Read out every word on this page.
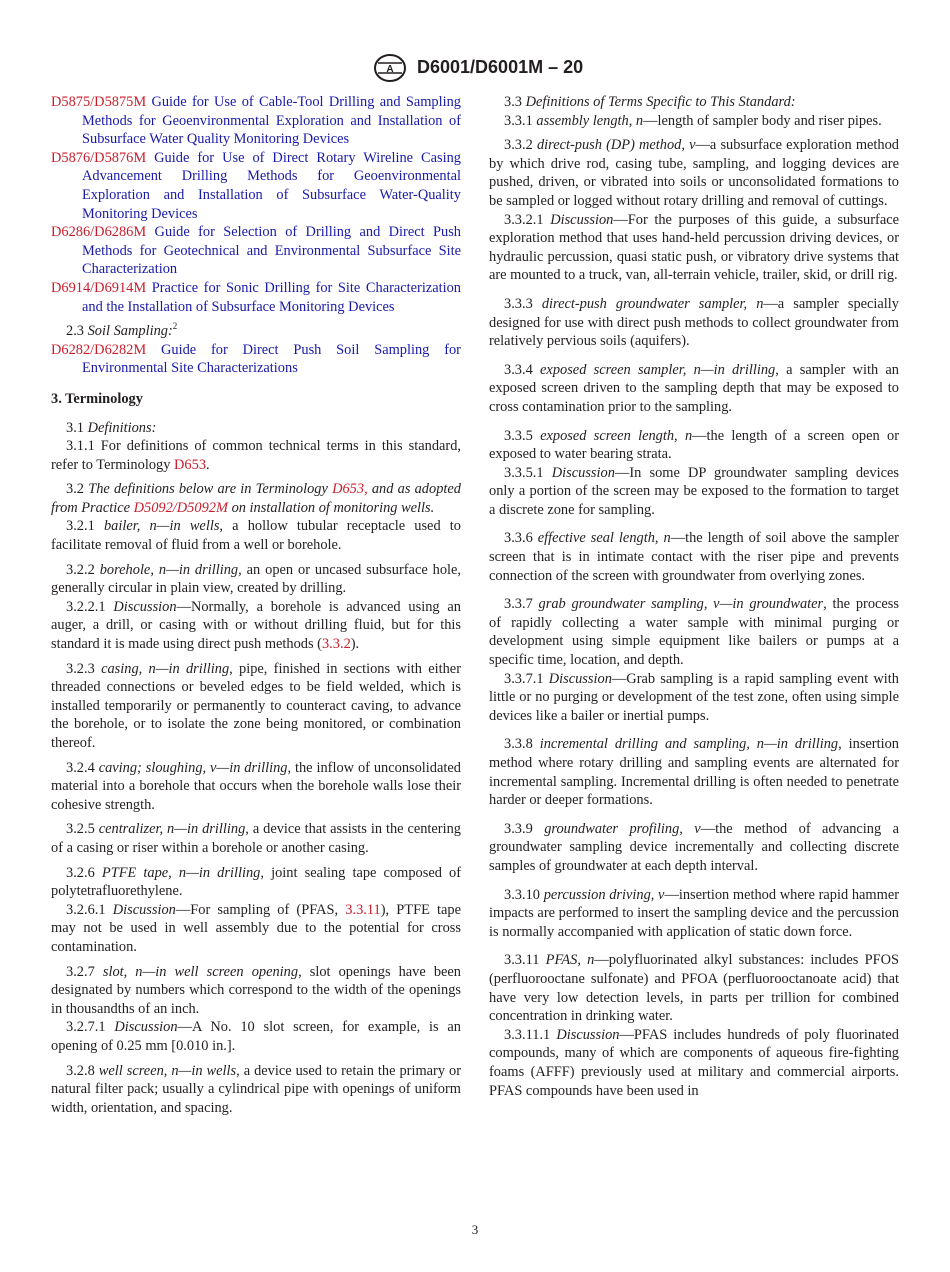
A D6001/D6001M – 20

D5875/D5875M Guide for Use of Cable-Tool Drilling and Sampling Methods for Geoenvironmental Exploration and Installation of Subsurface Water Quality Monitoring Devices

D5876/D5876M Guide for Use of Direct Rotary Wireline Casing Advancement Drilling Methods for Geoenvironmental Exploration and Installation of Subsurface Water-Quality Monitoring Devices

D6286/D6286M Guide for Selection of Drilling and Direct Push Methods for Geotechnical and Environmental Subsurface Site Characterization

D6914/D6914M Practice for Sonic Drilling for Site Characterization and the Installation of Subsurface Monitoring Devices

2.3 Soil Sampling:$^2$

D6282/D6282M Guide for Direct Push Soil Sampling for Environmental Site Characterizations

3. Terminology

3.1 Definitions:

3.1.1 For definitions of common technical terms in this standard, refer to Terminology D653.

3.2 The definitions below are in Terminology D653, and as adopted from Practice D5092/D5092M on installation of monitoring wells.

3.2.1 bailer, n—in wells, a hollow tubular receptacle used to facilitate removal of fluid from a well or borehole.

3.2.2 borehole, n—in drilling, an open or uncased subsurface hole, generally circular in plain view, created by drilling.

3.2.2.1 Discussion—Normally, a borehole is advanced using an auger, a drill, or casing with or without drilling fluid, but for this standard it is made using direct push methods (3.3.2).

3.2.3 casing, n—in drilling, pipe, finished in sections with either threaded connections or beveled edges to be field welded, which is installed temporarily or permanently to counteract caving, to advance the borehole, or to isolate the zone being monitored, or combination thereof.

3.2.4 caving; sloughing, v—in drilling, the inflow of unconsolidated material into a borehole that occurs when the borehole walls lose their cohesive strength.

3.2.5 centralizer, n—in drilling, a device that assists in the centering of a casing or riser within a borehole or another casing.

3.2.6 PTFE tape, n—in drilling, joint sealing tape composed of polytetrafluorethylene.

3.2.6.1 Discussion—For sampling of (PFAS, 3.3.11), PTFE tape may not be used in well assembly due to the potential for cross contamination.

3.2.7 slot, n—in well screen opening, slot openings have been designated by numbers which correspond to the width of the openings in thousandths of an inch.

3.2.7.1 Discussion—A No. 10 slot screen, for example, is an opening of 0.25 mm [0.010 in.].

3.2.8 well screen, n—in wells, a device used to retain the primary or natural filter pack; usually a cylindrical pipe with openings of uniform width, orientation, and spacing.

3.3 Definitions of Terms Specific to This Standard:

3.3.1 assembly length, n—length of sampler body and riser pipes.

3.3.2 direct-push (DP) method, v—a subsurface exploration method by which drive rod, casing tube, sampling, and logging devices are pushed, driven, or vibrated into soils or unconsolidated formations to be sampled or logged without rotary drilling and removal of cuttings.

3.3.2.1 Discussion—For the purposes of this guide, a subsurface exploration method that uses hand-held percussion driving devices, or hydraulic percussion, quasi static push, or vibratory drive systems that are mounted to a truck, van, all-terrain vehicle, trailer, skid, or drill rig.

3.3.3 direct-push groundwater sampler, n—a sampler specially designed for use with direct push methods to collect groundwater from relatively pervious soils (aquifers).

3.3.4 exposed screen sampler, n—in drilling, a sampler with an exposed screen driven to the sampling depth that may be exposed to cross contamination prior to the sampling.

3.3.5 exposed screen length, n—the length of a screen open or exposed to water bearing strata.

3.3.5.1 Discussion—In some DP groundwater sampling devices only a portion of the screen may be exposed to the formation to target a discrete zone for sampling.

3.3.6 effective seal length, n—the length of soil above the sampler screen that is in intimate contact with the riser pipe and prevents connection of the screen with groundwater from overlying zones.

3.3.7 grab groundwater sampling, v—in groundwater, the process of rapidly collecting a water sample with minimal purging or development using simple equipment like bailers or pumps at a specific time, location, and depth.

3.3.7.1 Discussion—Grab sampling is a rapid sampling event with little or no purging or development of the test zone, often using simple devices like a bailer or inertial pumps.

3.3.8 incremental drilling and sampling, n—in drilling, insertion method where rotary drilling and sampling events are alternated for incremental sampling. Incremental drilling is often needed to penetrate harder or deeper formations.

3.3.9 groundwater profiling, v—the method of advancing a groundwater sampling device incrementally and collecting discrete samples of groundwater at each depth interval.

3.3.10 percussion driving, v—insertion method where rapid hammer impacts are performed to insert the sampling device and the percussion is normally accompanied with application of static down force.

3.3.11 PFAS, n—polyfluorinated alkyl substances: includes PFOS (perfluorooctane sulfonate) and PFOA (perfluorooctanoate acid) that have very low detection levels, in parts per trillion for combined concentration in drinking water.

3.3.11.1 Discussion—PFAS includes hundreds of poly fluorinated compounds, many of which are components of aqueous fire-fighting foams (AFFF) previously used at military and commercial airports. PFAS compounds have been used in

3
